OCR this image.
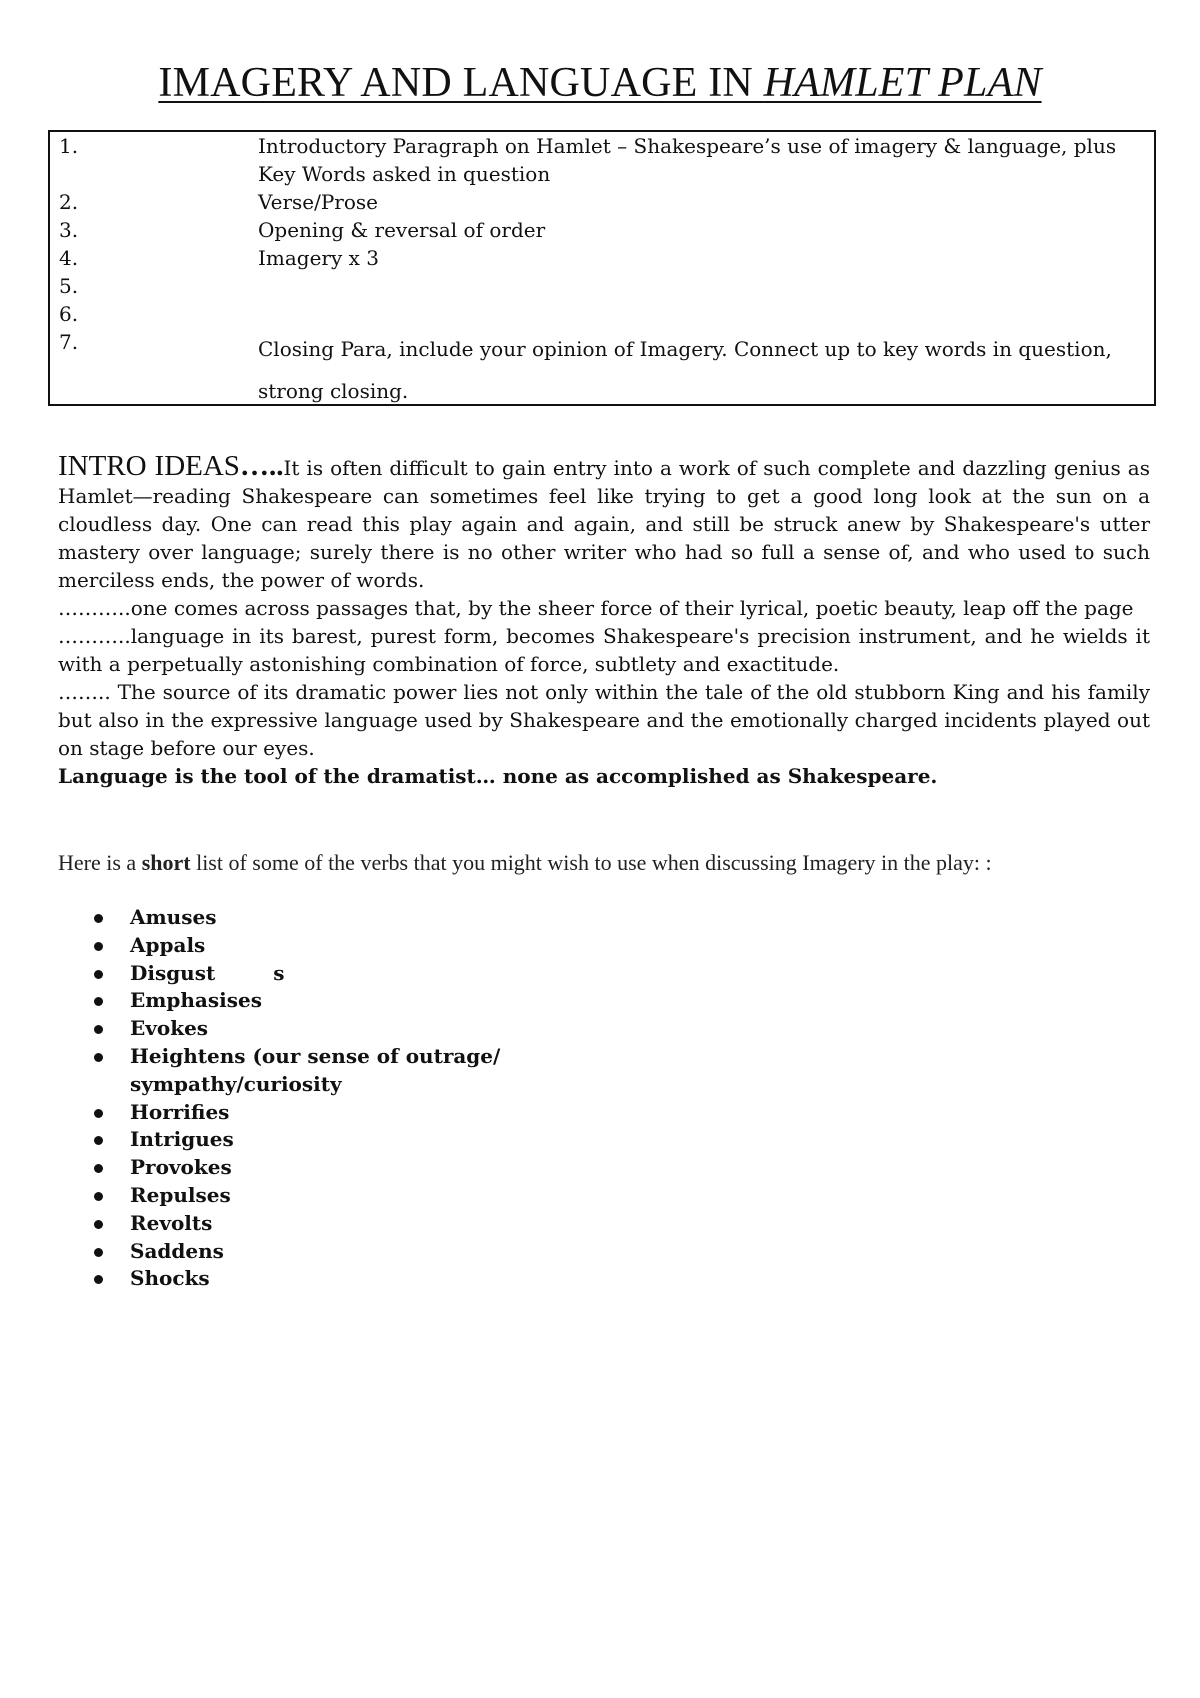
IMAGERY AND LANGUAGE IN HAMLET PLAN
1.	Introductory Paragraph on Hamlet – Shakespeare’s use of imagery & language, plus Key Words asked in question
2.	Verse/Prose
3.	Opening & reversal of order
4.	Imagery x 3
5.
6.
7.	Closing Para, include your opinion of Imagery. Connect up to key words in question, strong closing.

INTRO IDEAS…..It is often difficult to gain entry into a work of such complete and dazzling genius as Hamlet—reading Shakespeare can sometimes feel like trying to get a good long look at the sun on a cloudless day. One can read this play again and again, and still be struck anew by Shakespeare's utter mastery over language; surely there is no other writer who had so full a sense of, and who used to such merciless ends, the power of words.

………..one comes across passages that, by the sheer force of their lyrical, poetic beauty, leap off the page

………..language in its barest, purest form, becomes Shakespeare's precision instrument, and he wields it with a perpetually astonishing combination of force, subtlety and exactitude.

…….. The source of its dramatic power lies not only within the tale of the old stubborn King and his family but also in the expressive language used by Shakespeare and the emotionally charged incidents played out on stage before our eyes.

Language is the tool of the dramatist… none as accomplished as Shakespeare.

Here is a short list of some of the verbs that you might wish to use when discussing Imagery in the play: :
Amuses
Appals
Disgust	s
Emphasises
Evokes
Heightens (our sense of outrage/ sympathy/curiosity
Horrifies
Intrigues
Provokes
Repulses
Revolts
Saddens
Shocks
